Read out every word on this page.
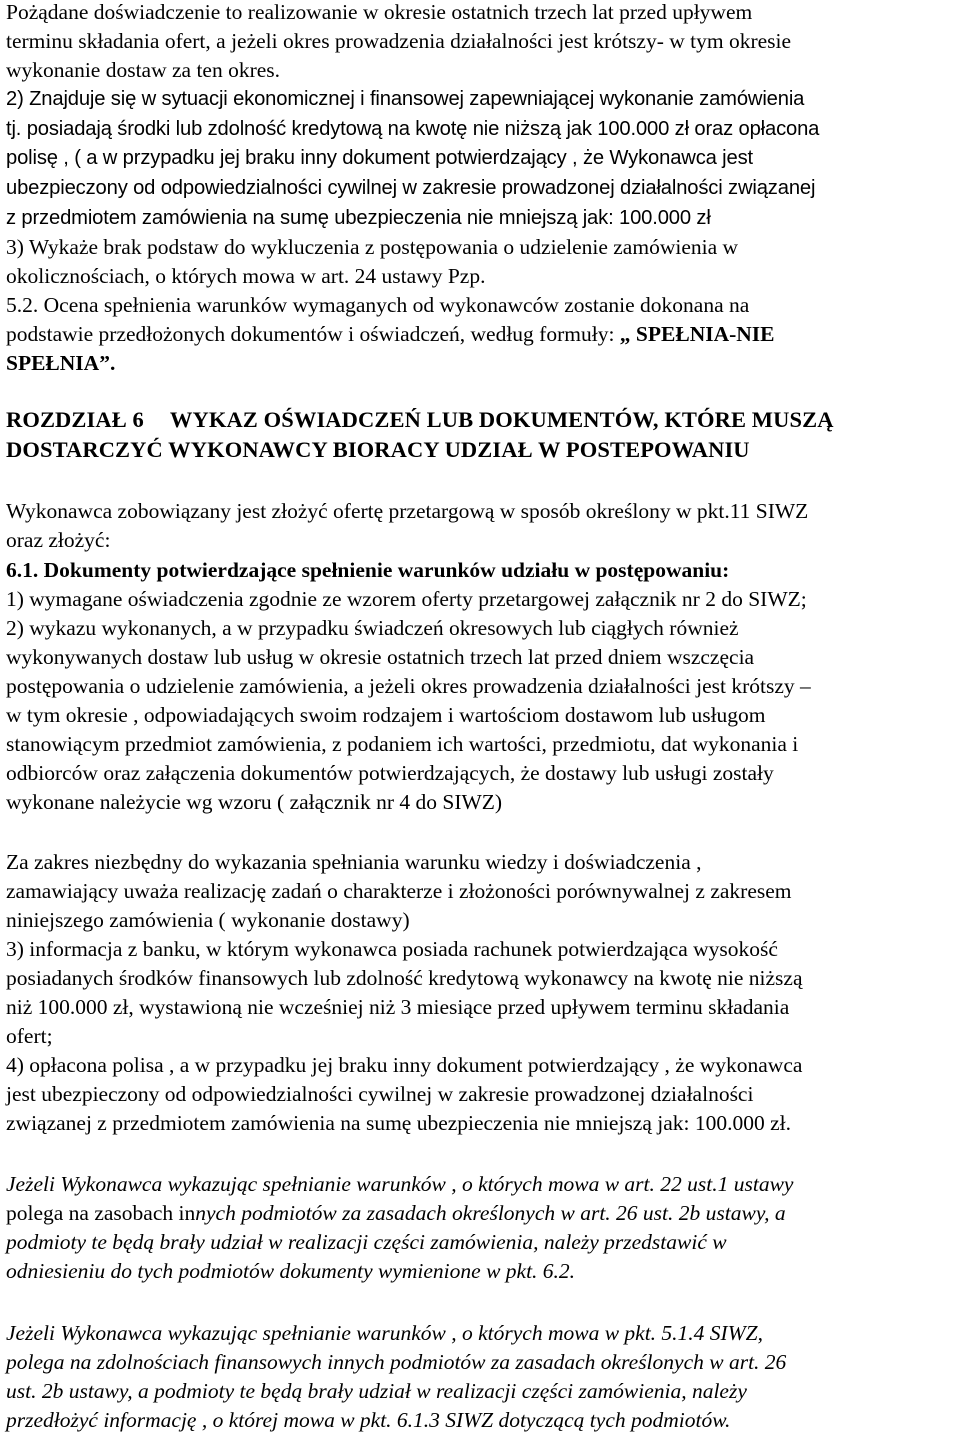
Pożądane doświadczenie to realizowanie w okresie ostatnich trzech lat przed upływem
terminu składania ofert, a jeżeli okres prowadzenia działalności jest krótszy- w tym okresie
wykonanie dostaw za ten okres.
2) Znajduje się w sytuacji ekonomicznej i finansowej zapewniającej wykonanie zamówienia
tj. posiadają środki lub zdolność kredytową na kwotę nie niższą jak 100.000 zł oraz opłacona
polisę , ( a w przypadku jej braku inny dokument potwierdzający , że Wykonawca jest
ubezpieczony od odpowiedzialności cywilnej w zakresie prowadzonej działalności związanej
z przedmiotem zamówienia na sumę ubezpieczenia nie mniejszą jak: 100.000 zł
3) Wykaże brak podstaw do wykluczenia z postępowania o udzielenie zamówienia w
okolicznościach, o których mowa w art. 24 ustawy Pzp.
5.2. Ocena spełnienia warunków wymaganych od wykonawców zostanie dokonana na
podstawie przedłożonych dokumentów i oświadczeń, według formuły: „ SPEŁNIA-NIE
SPEŁNIA”.
ROZDZIAŁ 6 WYKAZ OŚWIADCZEŃ LUB DOKUMENTÓW, KTÓRE MUSZĄ
DOSTARCZYĆ WYKONAWCY BIORACY UDZIAŁ W POSTEPOWANIU
Wykonawca zobowiązany jest złożyć ofertę przetargową w sposób określony w pkt.11 SIWZ
oraz złożyć:
6.1. Dokumenty potwierdzające spełnienie warunków udziału w postępowaniu:
1) wymagane oświadczenia zgodnie ze wzorem oferty przetargowej załącznik nr 2 do SIWZ;
2) wykazu wykonanych, a w przypadku świadczeń okresowych lub ciągłych również
wykonywanych dostaw lub usług w okresie ostatnich trzech lat przed dniem wszczęcia
postępowania o udzielenie zamówienia, a jeżeli okres prowadzenia działalności jest krótszy –
w tym okresie , odpowiadających swoim rodzajem i wartościom dostawom lub usługom
stanowiącym przedmiot zamówienia, z podaniem ich wartości, przedmiotu, dat wykonania i
odbiorców oraz załączenia dokumentów potwierdzających, że dostawy lub usługi zostały
wykonane należycie wg wzoru ( załącznik nr 4 do SIWZ)
Za zakres niezbędny do wykazania spełniania warunku wiedzy i doświadczenia ,
zamawiający uważa realizację zadań o charakterze i złożoności porównywalnej z zakresem
niniejszego zamówienia ( wykonanie dostawy)
3) informacja z banku, w którym wykonawca posiada rachunek potwierdzająca wysokość
posiadanych środków finansowych lub zdolność kredytową wykonawcy na kwotę nie niższą
niż 100.000 zł, wystawioną nie wcześniej niż 3 miesiące przed upływem terminu składania
ofert;
4) opłacona polisa , a w przypadku jej braku inny dokument potwierdzający , że wykonawca
jest ubezpieczony od odpowiedzialności cywilnej w zakresie prowadzonej działalności
związanej z przedmiotem zamówienia na sumę ubezpieczenia nie mniejszą jak: 100.000 zł.
Jeżeli Wykonawca wykazując spełnianie warunków , o których mowa w art. 22 ust.1 ustawy
polega na zasobach innych podmiotów za zasadach określonych w art. 26 ust. 2b ustawy, a
podmioty te będą brały udział w realizacji części zamówienia, należy przedstawić w
odniesieniu do tych podmiotów dokumenty wymienione w pkt. 6.2.
Jeżeli Wykonawca wykazując spełnianie warunków , o których mowa w pkt. 5.1.4 SIWZ,
polega na zdolnościach finansowych innych podmiotów za zasadach określonych w art. 26
ust. 2b ustawy, a podmioty te będą brały udział w realizacji części zamówienia, należy
przedłożyć informację , o której mowa w pkt. 6.1.3 SIWZ dotyczącą tych podmiotów.
